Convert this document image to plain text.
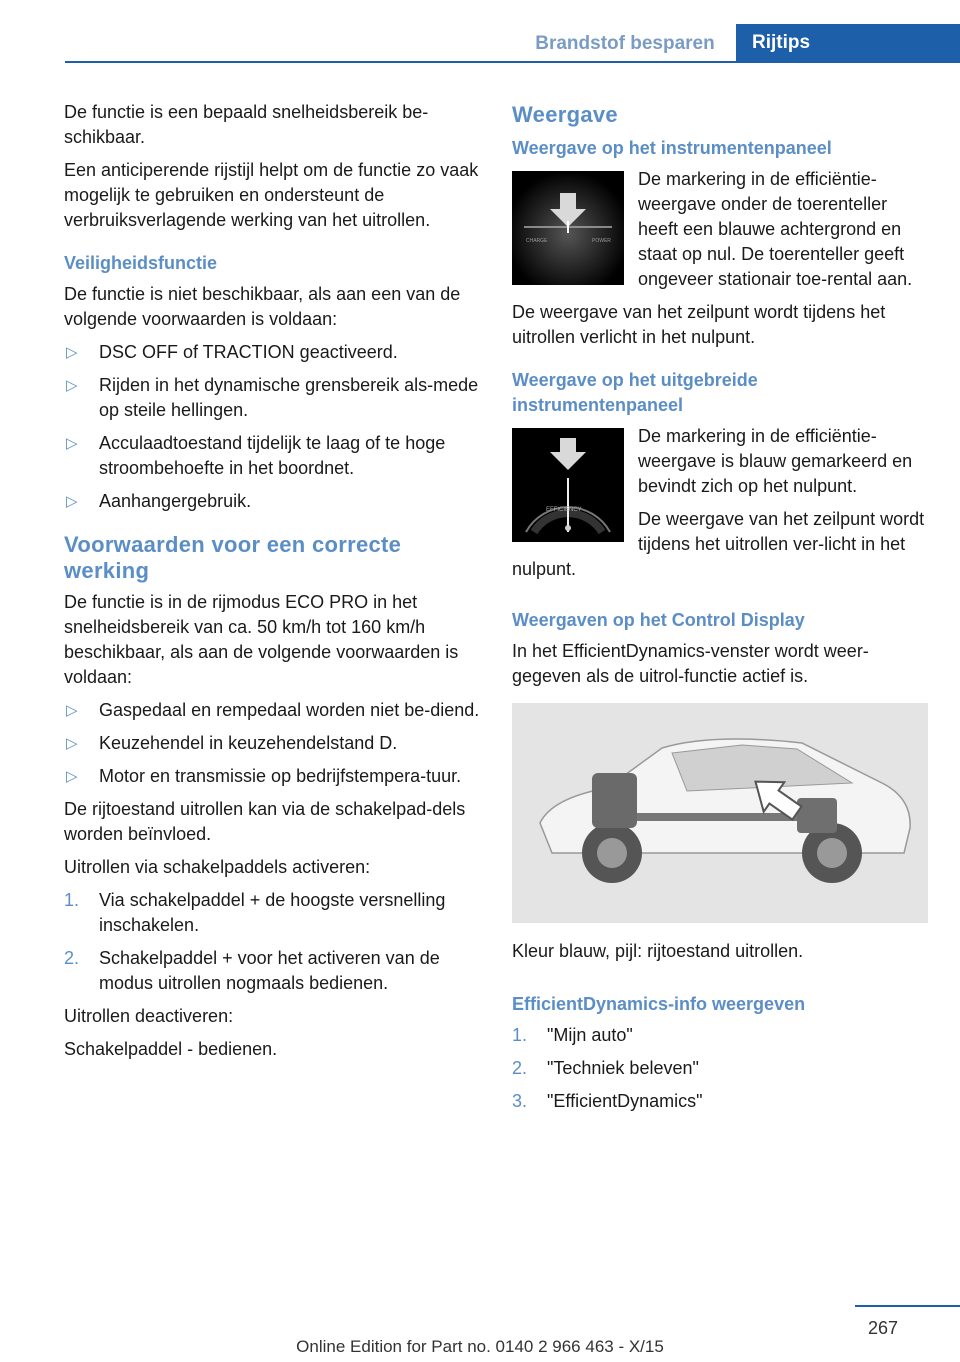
Brandstof besparen	Rijtips

De functie is een bepaald snelheidsbereik be-schikbaar.

Een anticiperende rijstijl helpt om de functie zo vaak mogelijk te gebruiken en ondersteunt de verbruiksverlagende werking van het uitrollen.

Veiligheidsfunctie

De functie is niet beschikbaar, als aan een van de volgende voorwaarden is voldaan:

▷ DSC OFF of TRACTION geactiveerd.
▷ Rijden in het dynamische grensbereik als-mede op steile hellingen.
▷ Acculaadtoestand tijdelijk te laag of te hoge stroombehoefte in het boordnet.
▷ Aanhangergebruik.
Voorwaarden voor een correcte werking

De functie is in de rijmodus ECO PRO in het snelheidsbereik van ca. 50 km/h tot 160 km/h beschikbaar, als aan de volgende voorwaarden is voldaan:

▷ Gaspedaal en rempedaal worden niet be-diend.
▷ Keuzehendel in keuzehendelstand D.
▷ Motor en transmissie op bedrijfstempera-tuur.

De rijtoestand uitrollen kan via de schakelpad-dels worden beïnvloed.

Uitrollen via schakelpaddels activeren:

1. Via schakelpaddel + de hoogste versnelling inschakelen.
2. Schakelpaddel + voor het activeren van de modus uitrollen nogmaals bedienen.

Uitrollen deactiveren:

Schakelpaddel - bedienen.

Weergave
Weergave op het instrumentenpaneel
CHARGE	POWER

De markering in de efficiëntie-weergave onder de toerenteller heeft een blauwe achtergrond en staat op nul. De toerenteller geeft ongeveer stationair toe-rental aan.

De weergave van het zeilpunt wordt tijdens het uitrollen verlicht in het nulpunt.

Weergave op het uitgebreide instrumentenpaneel
EFFICIENCY

De markering in de efficiëntie-weergave is blauw gemarkeerd en bevindt zich op het nulpunt.

De weergave van het zeilpunt wordt tijdens het uitrollen ver-licht in het nulpunt.

Weergaven op het Control Display

In het EfficientDynamics-venster wordt weer-gegeven als de uitrol-functie actief is.

Kleur blauw, pijl: rijtoestand uitrollen.

EfficientDynamics-info weergeven
1. "Mijn auto"
2. "Techniek beleven"
3. "EfficientDynamics"
267
Online Edition for Part no. 0140 2 966 463 - X/15
